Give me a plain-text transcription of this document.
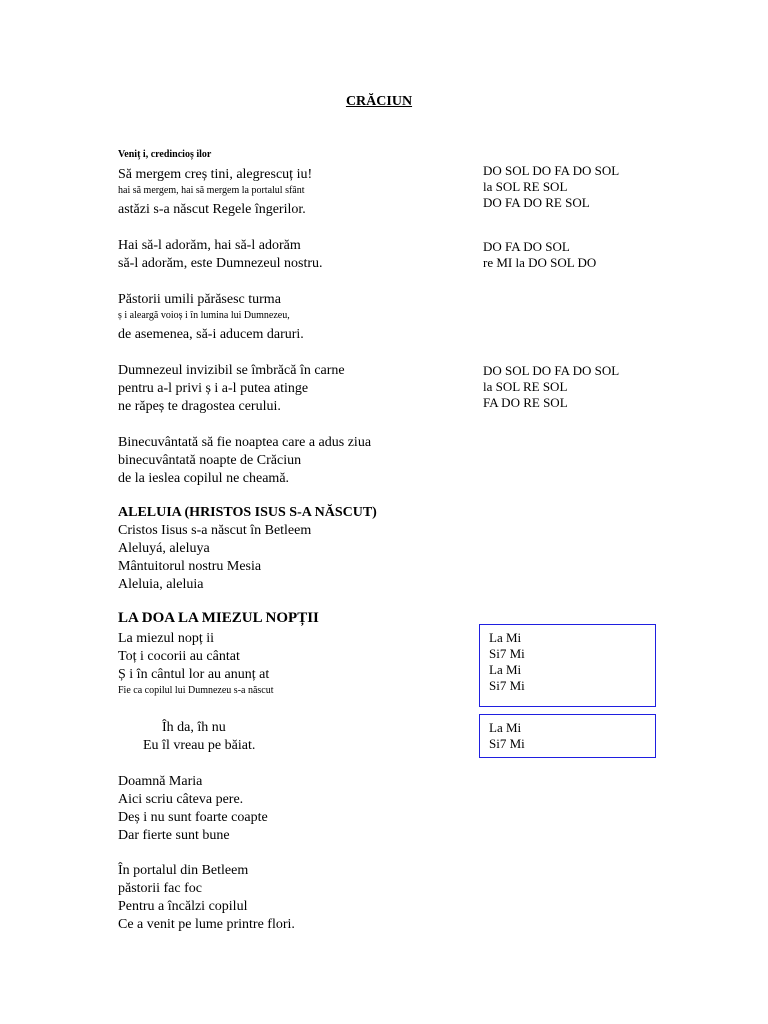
CRĂCIUN
Veniț i, credincioș ilor
Să mergem creș tini, alegrescuț iu!
hai să mergem, hai să mergem la portalul sfânt
astăzi s-a născut Regele îngerilor.
Hai să-l adorăm, hai să-l adorăm
să-l adorăm, este Dumnezeul nostru.
Păstorii umili părăsesc turma
ș i aleargă voioș i în lumina lui Dumnezeu,
de asemenea, să-i aducem daruri.
Dumnezeul invizibil se îmbrăcă în carne
pentru a-l privi ș i a-l putea atinge
ne răpeș te dragostea cerului.
Binecuvântată să fie noaptea care a adus ziua
binecuvântată noapte de Crăciun
de la ieslea copilul ne cheamă.
DO SOL DO FA DO SOL
la SOL RE SOL
DO FA DO RE SOL
DO FA DO SOL
re MI la DO SOL DO
DO SOL DO FA DO SOL
la SOL RE SOL
FA DO RE SOL
ALELUIA (HRISTOS ISUS S-A NĂSCUT)
Cristos Iisus s-a născut în Betleem
Aleluyá, aleluya
Mântuitorul nostru Mesia
Aleluia, aleluia
LA DOA LA MIEZUL NOPȚII
La miezul nopț ii
Toț i cocorii au cântat
Ș i în cântul lor au anunț at
Fie ca copilul lui Dumnezeu s-a născut
Îh da, îh nu
Eu îl vreau pe băiat.
Doamnă Maria
Aici scriu câteva pere.
Deș i nu sunt foarte coapte
Dar fierte sunt bune
În portalul din Betleem
păstorii fac foc
Pentru a încălzi copilul
Ce a venit pe lume printre flori.
La Mi
Si7 Mi
La Mi
Si7 Mi
La Mi
Si7 Mi
